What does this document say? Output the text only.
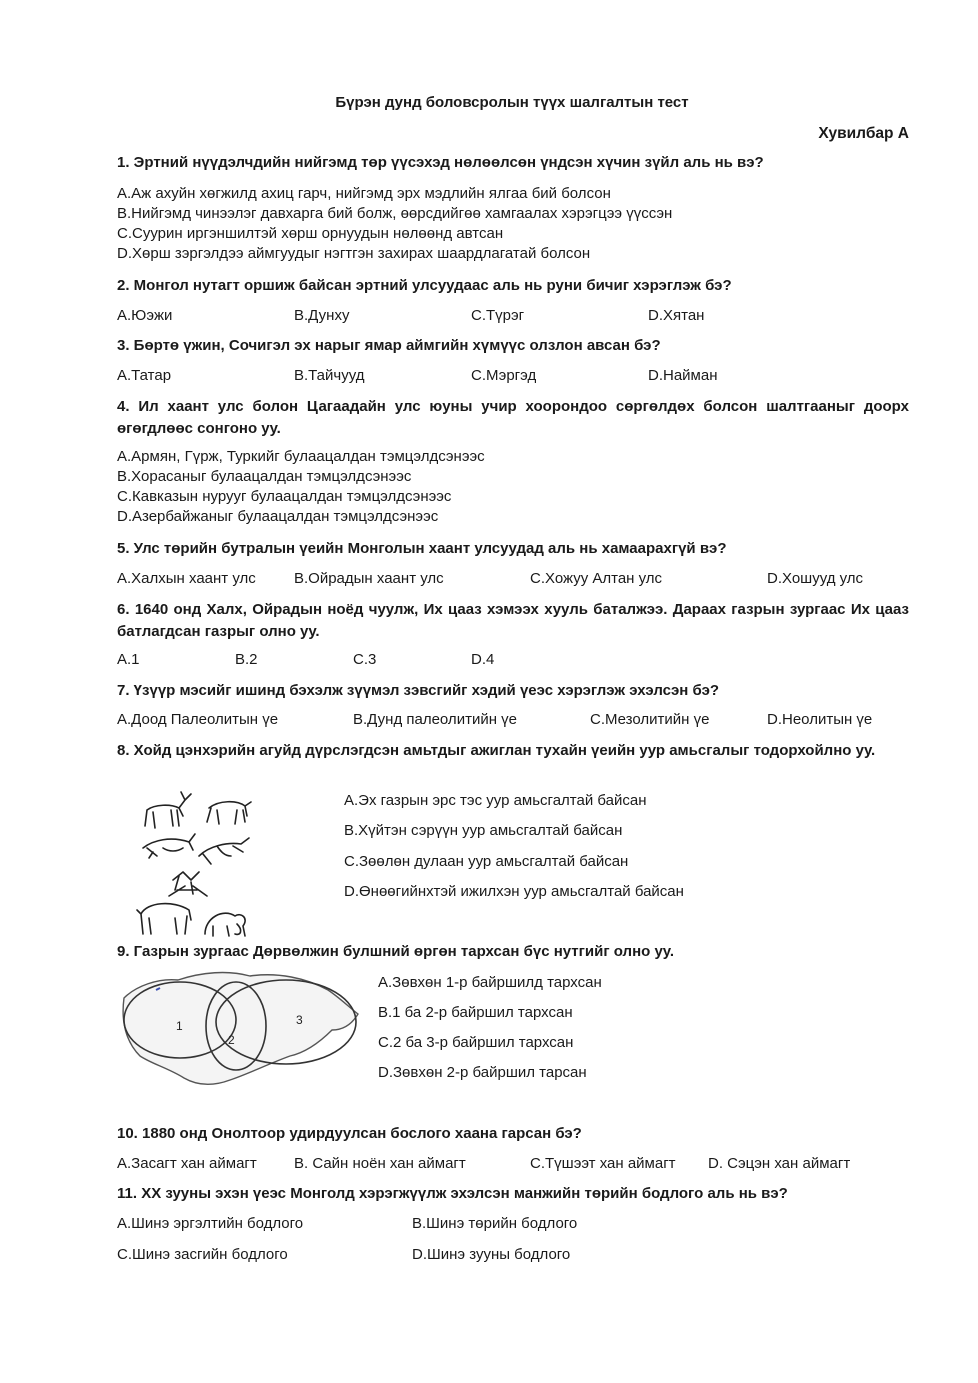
Бүрэн дунд боловсролын түүх шалгалтын тест
Хувилбар А
1. Эртний нүүдэлчдийн нийгэмд төр үүсэхэд нөлөөлсөн үндсэн хүчин зүйл аль нь вэ?
A.Аж ахуйн хөгжилд ахиц гарч, нийгэмд эрх мэдлийн ялгаа бий болсон
B.Нийгэмд чинээлэг давхарга бий болж, өөрсдийгөө хамгаалах хэрэгцээ үүссэн
C.Суурин иргэншилтэй хөрш орнуудын нөлөөнд автсан
D.Хөрш зэргэлдээ аймгуудыг нэгтгэн захирах шаардлагатай болсон
2. Монгол нутагт оршиж байсан эртний улсуудаас аль нь руни бичиг хэрэглэж бэ?
A.Юэжи	B.Дунху	C.Түрэг	D.Хятан
3. Бөртө үжин, Сочигэл эх нарыг ямар аймгийн хүмүүс олзлон авсан бэ?
A.Татар	B.Тайчууд	C.Мэргэд	D.Найман
4. Ил хаант улс болон Цагаадайн улс юуны учир хоорондоо сөргөлдөх болсон шалтгааныг доорх өгөгдлөөс сонгоно уу.
A.Армян, Гүрж, Туркийг булаацалдан тэмцэлдсэнээс
B.Хорасаныг булаацалдан тэмцэлдсэнээс
C.Кавказын нурууг булаацалдан тэмцэлдсэнээс
D.Азербайжаныг булаацалдан тэмцэлдсэнээс
5. Улс төрийн бутралын үеийн Монголын хаант улсуудад аль нь хамаарахгүй вэ?
A.Халхын хаант улс	B.Ойрадын хаант улс	C.Хожуу Алтан улс	D.Хошууд улс
6. 1640 онд Халх, Ойрадын ноёд чуулж, Их цааз хэмээх хууль баталжээ. Дараах газрын зургаас Их цааз батлагдсан газрыг олно уу.
A.1	B.2	C.3	D.4
7. Үзүүр мэсийг ишинд бэхэлж зүүмэл зэвсгийг хэдий үеэс хэрэглэж эхэлсэн бэ?
A.Доод Палеолитын үе	B.Дунд палеолитийн үе	C.Мезолитийн үе	D.Неолитын үе
8. Хойд цэнхэрийн агуйд дүрслэгдсэн амьтдыг ажиглан тухайн үеийн уур амьсгалыг тодорхойлно уу.
A.Эх газрын эрс тэс уур амьсгалтай байсан
B.Хүйтэн сэрүүн уур амьсгалтай байсан
C.Зөөлөн дулаан уур амьсгалтай байсан
D.Өнөөгийнхтэй ижилхэн уур амьсгалтай байсан
9. Газрын зургаас Дөрвөлжин булшний өргөн тархсан бүс нутгийг олно уу.
1
2
3
A.Зөвхөн 1-р байршилд тархсан
B.1 ба 2-р байршил тархсан
C.2 ба 3-р байршил тархсан
D.Зөвхөн 2-р байршил тарсан
10. 1880 онд Онолтоор удирдуулсан бослого хаана гарсан бэ?
A.Засагт хан аймагт B. Сайн ноён хан аймагт	C.Түшээт хан аймагт D. Сэцэн хан аймагт
11. XX зууны эхэн үеэс Монголд хэрэгжүүлж эхэлсэн манжийн төрийн бодлого аль нь вэ?
A.Шинэ эргэлтийн бодлого	B.Шинэ төрийн бодлого
C.Шинэ засгийн бодлого	D.Шинэ зууны бодлого
